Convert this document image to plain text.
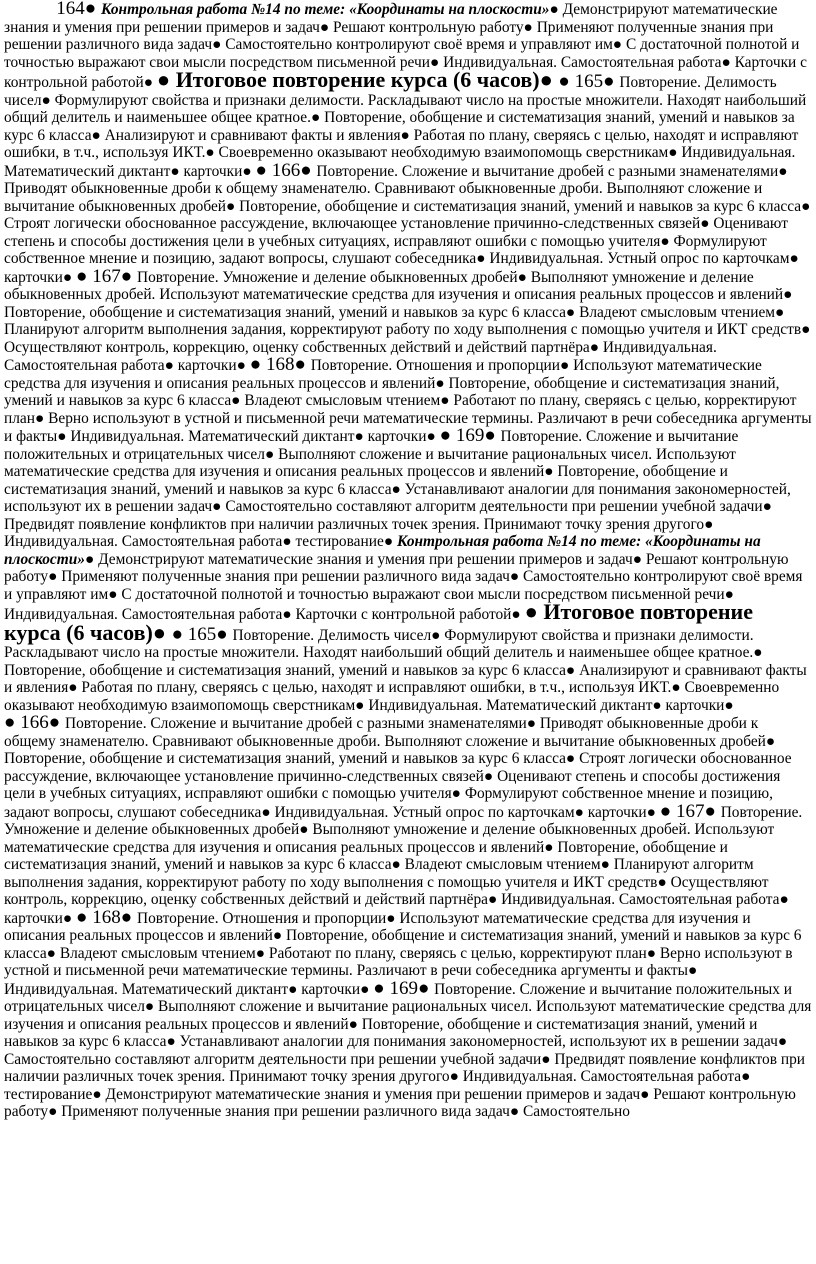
164● Контрольная работа №14 по теме: «Координаты на плоскости»● Демонстрируют математические знания и умения при решении примеров и задач● Решают контрольную работу● Применяют полученные знания при решении различного вида задач● Самостоятельно контролируют своё время и управляют им● С достаточной полнотой и точностью выражают свои мысли посредством письменной речи● Индивидуальная. Самостоятельная работа● Карточки с контрольной работой● ● Итоговое повторение курса (6 часов)● ● 165● Повторение. Делимость чисел● Формулируют свойства и признаки делимости. Раскладывают число на простые множители. Находят наибольший общий делитель и наименьшее общее кратное.● Повторение, обобщение и систематизация знаний, умений и навыков за курс 6 класса● Анализируют и сравнивают факты и явления● Работая по плану, сверяясь с целью, находят и исправляют ошибки, в т.ч., используя ИКТ.● Своевременно оказывают необходимую взаимопомощь сверстникам● Индивидуальная. Математический диктант● карточки● ● 166● Повторение. Сложение и вычитание дробей с разными знаменателями● Приводят обыкновенные дроби к общему знаменателю. Сравнивают обыкновенные дроби. Выполняют сложение и вычитание обыкновенных дробей● Повторение, обобщение и систематизация знаний, умений и навыков за курс 6 класса● Строят логически обоснованное рассуждение, включающее установление причинно-следственных связей● Оценивают степень и способы достижения цели в учебных ситуациях, исправляют ошибки с помощью учителя● Формулируют собственное мнение и позицию, задают вопросы, слушают собеседника● Индивидуальная. Устный опрос по карточкам● карточки● ● 167● Повторение. Умножение и деление обыкновенных дробей● Выполняют умножение и деление обыкновенных дробей. Используют математические средства для изучения и описания реальных процессов и явлений● Повторение, обобщение и систематизация знаний, умений и навыков за курс 6 класса● Владеют смысловым чтением● Планируют алгоритм выполнения задания, корректируют работу по ходу выполнения с помощью учителя и ИКТ средств● Осуществляют контроль, коррекцию, оценку собственных действий и действий партнёра● Индивидуальная. Самостоятельная работа● карточки● ● 168● Повторение. Отношения и пропорции● Используют математические средства для изучения и описания реальных процессов и явлений● Повторение, обобщение и систематизация знаний, умений и навыков за курс 6 класса● Владеют смысловым чтением● Работают по плану, сверяясь с целью, корректируют план● Верно используют в устной и письменной речи математические термины. Различают в речи собеседника аргументы и факты● Индивидуальная. Математический диктант● карточки● ● 169● Повторение. Сложение и вычитание положительных и отрицательных чисел● Выполняют сложение и вычитание рациональных чисел. Используют математические средства для изучения и описания реальных процессов и явлений● Повторение, обобщение и систематизация знаний, умений и навыков за курс 6 класса● Устанавливают аналогии для понимания закономерностей, используют их в решении задач● Самостоятельно составляют алгоритм деятельности при решении учебной задачи● Предвидят появление конфликтов при наличии различных точек зрения. Принимают точку зрения другого● Индивидуальная. Самостоятельная работа● тестирование● Контрольная работа №14 по теме: «Координаты на плоскости»● Демонстрируют математические знания и умения при решении примеров и задач● Решают контрольную работу● Применяют полученные знания при решении различного вида задач● Самостоятельно контролируют своё время и управляют им● С достаточной полнотой и точностью выражают свои мысли посредством письменной речи● Индивидуальная. Самостоятельная работа● Карточки с контрольной работой● ● Итоговое повторение курса (6 часов)● ● 165● Повторение. Делимость чисел● Формулируют свойства и признаки делимости. Раскладывают число на простые множители. Находят наибольший общий делитель и наименьшее общее кратное.● Повторение, обобщение и систематизация знаний, умений и навыков за курс 6 класса● Анализируют и сравнивают факты и явления● Работая по плану, сверяясь с целью, находят и исправляют ошибки, в т.ч., используя ИКТ.● Своевременно оказывают необходимую взаимопомощь сверстникам● Индивидуальная. Математический диктант● карточки● ● 166● Повторение. Сложение и вычитание дробей с разными знаменателями● Приводят обыкновенные дроби к общему знаменателю. Сравнивают обыкновенные дроби. Выполняют сложение и вычитание обыкновенных дробей● Повторение, обобщение и систематизация знаний, умений и навыков за курс 6 класса● Строят логически обоснованное рассуждение, включающее установление причинно-следственных связей● Оценивают степень и способы достижения цели в учебных ситуациях, исправляют ошибки с помощью учителя● Формулируют собственное мнение и позицию, задают вопросы, слушают собеседника● Индивидуальная. Устный опрос по карточкам● карточки● ● 167● Повторение. Умножение и деление обыкновенных дробей● Выполняют умножение и деление обыкновенных дробей. Используют математические средства для изучения и описания реальных процессов и явлений● Повторение, обобщение и систематизация знаний, умений и навыков за курс 6 класса● Владеют смысловым чтением● Планируют алгоритм выполнения задания, корректируют работу по ходу выполнения с помощью учителя и ИКТ средств● Осуществляют контроль, коррекцию, оценку собственных действий и действий партнёра● Индивидуальная. Самостоятельная работа● карточки● ● 168● Повторение. Отношения и пропорции● Используют математические средства для изучения и описания реальных процессов и явлений● Повторение, обобщение и систематизация знаний, умений и навыков за курс 6 класса● Владеют смысловым чтением● Работают по плану, сверяясь с целью, корректируют план● Верно используют в устной и письменной речи математические термины. Различают в речи собеседника аргументы и факты● Индивидуальная. Математический диктант● карточки● ● 169● Повторение. Сложение и вычитание положительных и отрицательных чисел● Выполняют сложение и вычитание рациональных чисел. Используют математические средства для изучения и описания реальных процессов и явлений● Повторение, обобщение и систематизация знаний, умений и навыков за курс 6 класса● Устанавливают аналогии для понимания закономерностей, используют их в решении задач● Самостоятельно составляют алгоритм деятельности при решении учебной задачи● Предвидят появление конфликтов при наличии различных точек зрения. Принимают точку зрения другого● Индивидуальная. Самостоятельная работа● тестирование● Демонстрируют математические знания и умения при решении примеров и задач● Решают контрольную работу● Применяют полученные знания при решении различного вида задач● Самостоятельно
